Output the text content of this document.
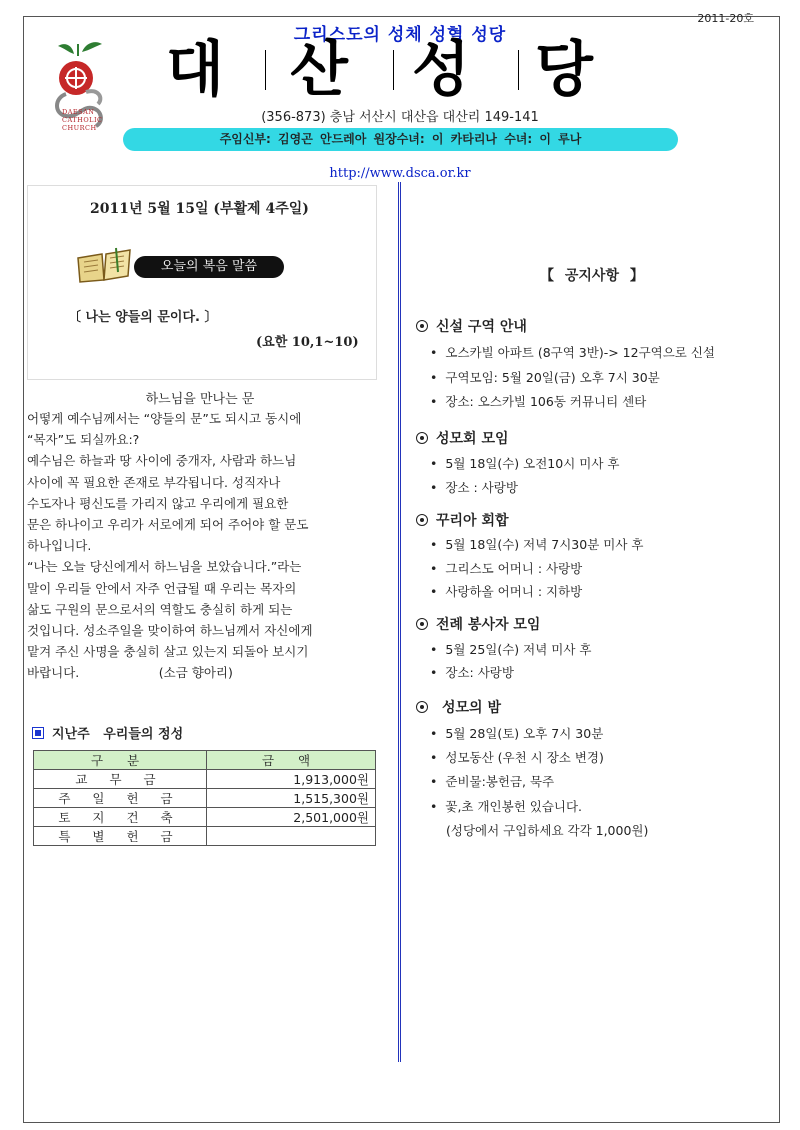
2011-20호
그리스도의 성체 성혈 성당
DAESAN
CATHOLIC
CHURCH
대 산 성 당
(356-873) 충남 서산시 대산읍 대산리 149-141
주임신부: 김영곤 안드레아 원장수녀: 이 카타리나 수녀: 이 루나
http://www.dsca.or.kr
2011년 5월 15일 (부활제 4주일)
오늘의 복음 말씀
〔 나는 양들의 문이다. 〕
(요한 10,1~10)
하느님을 만나는 문
어떻게 예수님께서는 “양들의 문”도 되시고 동시에
“목자”도 되실까요:?
예수님은 하늘과 땅 사이에 중개자, 사람과 하느님
사이에 꼭 필요한 존재로 부각됩니다. 성직자나
수도자나 평신도를 가리지 않고 우리에게 필요한
문은 하나이고 우리가 서로에게 되어 주어야 할 문도
하나입니다.
“나는 오늘 당신에게서 하느님을 보았습니다.”라는
말이 우리들 안에서 자주 언급될 때 우리는 목자의
삶도 구원의 문으로서의 역할도 충실히 하게 되는
것입니다. 성소주일을 맞이하여 하느님께서 자신에게
맡겨 주신 사명을 충실히 살고 있는지 되돌아 보시기
바랍니다.                    (소금 향아리)
지난주   우리들의 정성
구 분	금 액
교 무 금	1,913,000원
주 일 헌 금	1,515,300원
토 지 건 축	2,501,000원
특 별 헌 금	
【 공지사항 】
신설 구역 안내
• 오스카빌 아파트 (8구역 3반)-> 12구역으로 신설
• 구역모임: 5월 20일(금) 오후 7시 30분
• 장소: 오스카빌 106동 커뮤니티 센타
성모회 모임
• 5월 18일(수) 오전10시 미사 후
• 장소 : 사랑방
꾸리아 회합
• 5월 18일(수) 저녁 7시30분 미사 후
• 그리스도 어머니 : 사랑방
• 사랑하올 어머니 : 지하방
전례 봉사자 모임
• 5월 25일(수) 저녁 미사 후
• 장소: 사랑방
성모의 밤
• 5월 28일(토) 오후 7시 30분
• 성모동산 (우천 시 장소 변경)
• 준비물:봉헌금, 묵주
• 꽃,초 개인봉헌 있습니다.
(성당에서 구입하세요 각각 1,000원)
